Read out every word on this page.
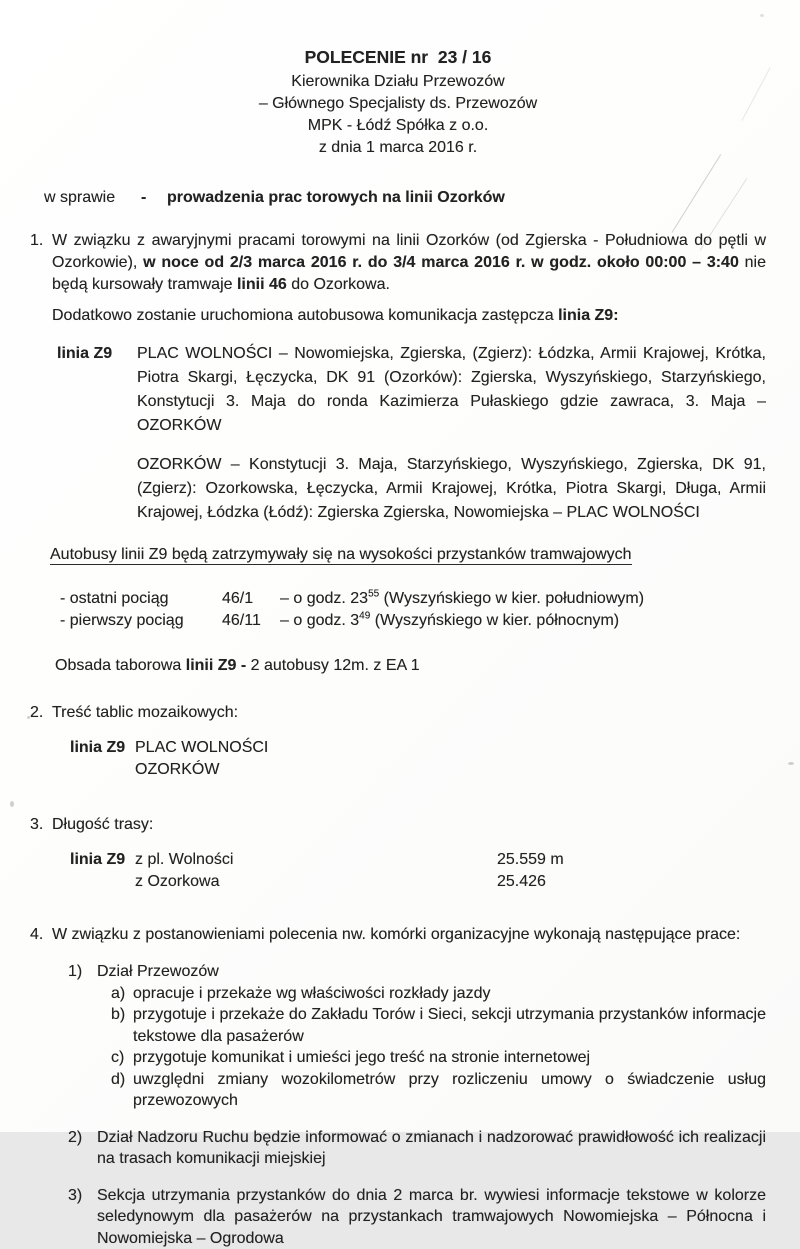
POLECENIE nr  23 / 16
Kierownika Działu Przewozów
– Głównego Specjalisty ds. Przewozów
MPK - Łódź Spółka z o.o.
z dnia 1 marca 2016 r.
w sprawie	-	prowadzenia prac torowych na linii Ozorków
1. W związku z awaryjnymi pracami torowymi na linii Ozorków (od Zgierska - Południowa do pętli w Ozorkowie), w noce od 2/3 marca 2016 r. do 3/4 marca 2016 r. w godz. około 00:00 – 3:40 nie będą kursowały tramwaje linii 46 do Ozorkowa.

Dodatkowo zostanie uruchomiona autobusowa komunikacja zastępcza linia Z9:

linia Z9	PLAC WOLNOŚCI – Nowomiejska, Zgierska, (Zgierz): Łódzka, Armii Krajowej, Krótka, Piotra Skargi, Łęczycka, DK 91 (Ozorków): Zgierska, Wyszyńskiego, Starzyńskiego, Konstytucji 3. Maja do ronda Kazimierza Pułaskiego gdzie zawraca, 3. Maja – OZORKÓW
OZORKÓW – Konstytucji 3. Maja, Starzyńskiego, Wyszyńskiego, Zgierska, DK 91, (Zgierz): Ozorkowska, Łęczycka, Armii Krajowej, Krótka, Piotra Skargi, Długa, Armii Krajowej, Łódzka (Łódź): Zgierska Zgierska, Nowomiejska – PLAC WOLNOŚCI
Autobusy linii Z9 będą zatrzymywały się na wysokości przystanków tramwajowych
- ostatni pociąg	46/1	– o godz. $23^{55}$ (Wyszyńskiego w kier. południowym)
- pierwszy pociąg	46/11	– o godz. $3^{49}$ (Wyszyńskiego w kier. północnym)

Obsada taborowa linii Z9 - 2 autobusy 12m. z EA 1

2. Treść tablic mozaikowych:
linia Z9 PLAC WOLNOŚCI
OZORKÓW
3. Długość trasy:
linia Z9 z pl. Wolności	25.559 m
z Ozorkowa	25.426
4. W związku z postanowieniami polecenia nw. komórki organizacyjne wykonają następujące prace:

1) Dział Przewozów
a) opracuje i przekaże wg właściwości rozkłady jazdy
b) przygotuje i przekaże do Zakładu Torów i Sieci, sekcji utrzymania przystanków informacje tekstowe dla pasażerów
c) przygotuje komunikat i umieści jego treść na stronie internetowej
d) uwzględni zmiany wozokilometrów przy rozliczeniu umowy o świadczenie usług przewozowych
2) Dział Nadzoru Ruchu będzie informować o zmianach i nadzorować prawidłowość ich realizacji na trasach komunikacji miejskiej
3) Sekcja utrzymania przystanków do dnia 2 marca br. wywiesi informacje tekstowe w kolorze seledynowym dla pasażerów na przystankach tramwajowych Nowomiejska – Północna i Nowomiejska – Ogrodowa
